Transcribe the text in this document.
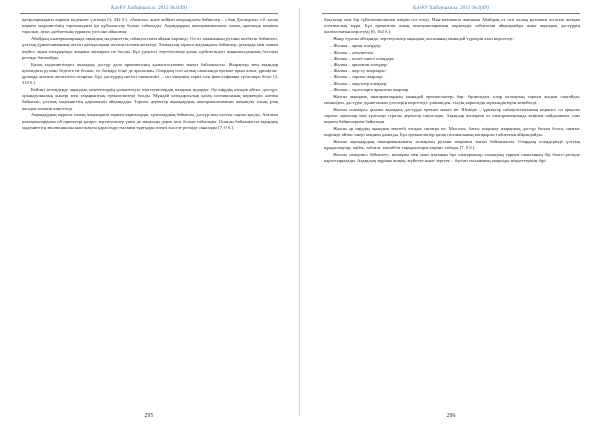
ҚазҰУ Хабаршысы. 2015 №3(49)

қатарларындағы көркем мәдениет үлгілері [3, 342 б.]. «Аккозы» жəне кейінгі жырлардағы бейнелер – «Аян Досаңұлы» т.б. қазақ көркем мəдениетінің тарихындағы ірі құбылыстар болып табылады. Ақындардың шығармашылығы халық арасында кеңінен таралып, ауыз əдебиетінің тұрақты үлгісіне айналған.

Абайдың шығармаларында ақындық мəдениеттің сабақтастығы айқын көрінеді. Ол өз заманының рухани келбетін бейнелеп, ұлттық дүниетанымның негізгі қағидаларын поэзия тілімен жеткізді. Халықтың тарихи жадындағы бейнелер, ұғымдар мен таным жүйесі ақын өлеңдерінде жаңаша мазмұнға ие болды. Бұл үдерісті зерттеушілер қазақ əдебиетіндегі жаңашылдықтың бастауы ретінде бағалайды.

Қазақ мəдениетіндегі ақындық дəстүр дала өркениетінің қалыптасуымен тығыз байланысты. Жыраулар мен ақындар қоғамдағы рухани беделге ие болып, ел басқару ісіне де араласқан. Олардың сөзі халық санасында ерекше орын алып, ұрпақтан-ұрпаққа ауызша жеткізіліп отырған. Бұл дəстүрдің негізгі ерекшелігі – сөз өнерінің тарих пен философияны тұтастыра білуі [3, 310 б.].

Кейінгі кезеңдерде ақындық мектептердің қалыптасуы зерттеушілердің назарын аударды. Əр өңірдің өзіндік айтыс дəстүрі, орындаушылық мəнері мен тақырыптық ерекшеліктері болды. Мұндай көпқырлылық қазақ поэзиясының көркемдік əлемін байытып, ұлттық мəдениеттің даралығын айқындады. Тарихи деректер ақындардың шығармашылығын жинақтау ісінің ұзақ жолдан өткенін көрсетеді.

Ақындардың мұрасы халық жадындағы тарихи оқиғаларды, тұлғалардың бейнесін, дəстүр мен салтты сақтап қалды. Аталған шығармалардағы ой өрнектері қазіргі зерттеушілер үшін де маңызды дерек көзі болып табылады. Осыған байланысты ақындық мəдениеттің эволюциясын жан-жақты қарастыру ғылыми тұрғыдан өзекті мəселе ретінде саналады [7, 0 б.].

295
ҚазҰУ Хабаршысы. 2015 №3(49)

бақсылар мен бір сүйіспеншілікпен өмірін сөз етеді. Мəн-мағынасы жағынан Абайдың өз сөзі халық рухымен астасып жатқан поэтикалық мұра. Бұл ерекшелік оның шығармаларының көркемдік табиғатын айқындайды және ақындық дəстүрдің жалғастығын көрсетеді [6, 162 б.].

Жанр туралы айтқанда, зерттеушілер ақындық поэзияның мынадай түрлерін атап көрсетеді:

– Жалпы – арнау өлеңдер;
– Жалпы – əлеуметтік;
– Жалпы – өсиет-өнеге өлеңдері;
– Жалпы – арналған өлеңдер;
– Жалпы – жер-су жырлары;
– Жалпы – тарихи жырлар;
– Жалпы – мұң-шер өлеңдер;
– Жалпы – тұлғаларға арналған жырлар.

Жалпы ақындық шығармалардың мынадай ерекшеліктері бар: біріншіден, олар халықтың тарихи жадын сақтайды; екіншіден, дəстүрлі дүниетаным үлгілерін көрсетеді; үшіншіден, тілдің көркемдік мүмкіндіктерін кеңейтеді.

Жалпы «шежіре» ұғымы ақындық дəстүрде ерекше мəнге ие. Шежіре – ұрпақтар сабақтастығының көрінісі, ол арқылы тарихи оқиғалар мен тұлғалар туралы деректер сақталады. Ақындар шежірені өз шығармаларында кеңінен пайдаланып, оны көркем бейнелермен байытқан.

Жалпы əр өңірдің ақындық мектебі өзіндік сипатқа ие. Мысалы, батыс өңірінде жыраулық дəстүр басым болса, шығыс өңірінде айтыс өнері кеңінен дамыды. Бұл ерекшеліктер қазақ поэзиясының көпқырлы табиғатын айқындайды.

Жалпы ақындардың шығармашылығы халықтың рухани өмірімен тығыз байланысты. Олардың өлеңдерінде ұлттық құндылықтар, еңбек, табиғат, махаббат тақырыптары көрініс табады [7, 0 б.].

Жалпы «өмірлік» бейнелеуі, мазмұны мен мəні жағынан бұл шығармалар халықтың тарихи санасының бір бөлігі ретінде қарастырылады. Ақындық мұраны жинау, жүйелеу жəне зерттеу – бүгінгі ғылымның маңызды міндеттерінің бірі.

296
